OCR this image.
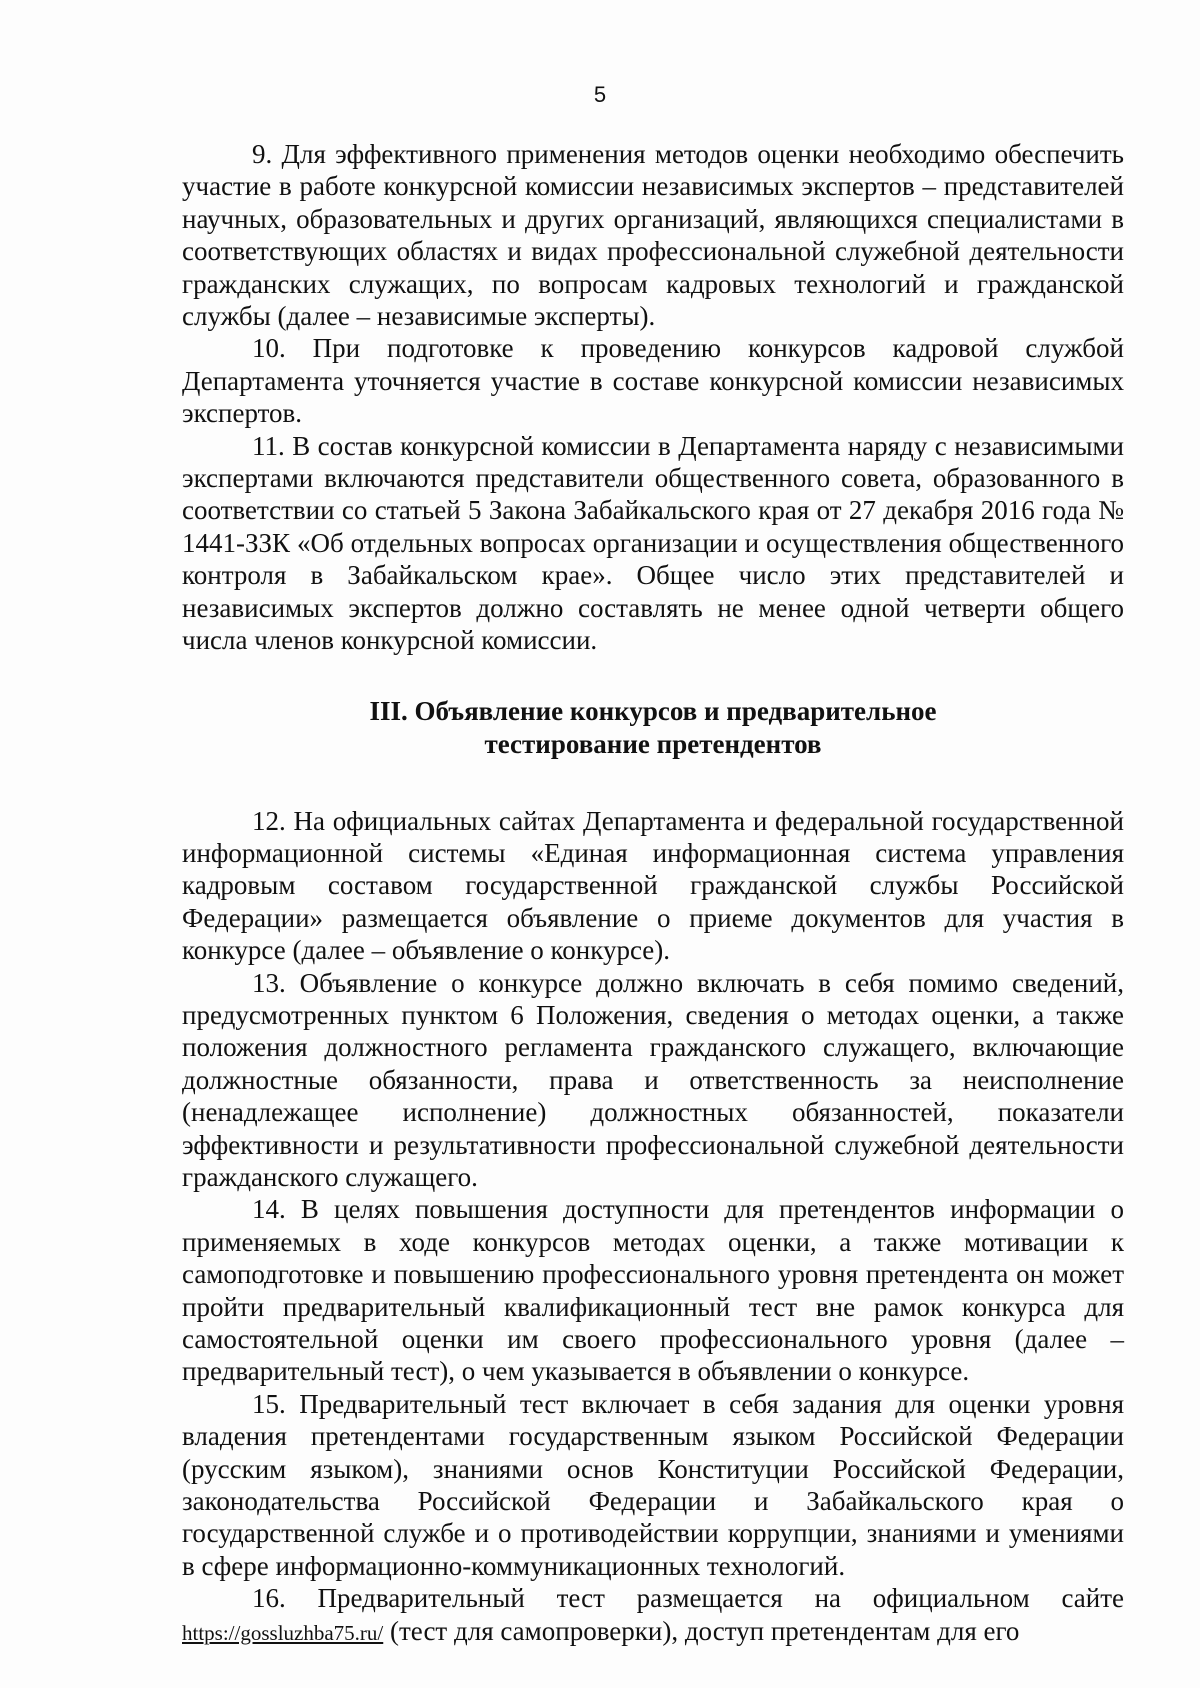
5

9. Для эффективного применения методов оценки необходимо обеспечить участие в работе конкурсной комиссии независимых экспертов – представителей научных, образовательных и других организаций, являющихся специалистами в соответствующих областях и видах профессиональной служебной деятельности гражданских служащих, по вопросам кадровых технологий и гражданской службы (далее – независимые эксперты).

10. При подготовке к проведению конкурсов кадровой службой Департамента уточняется участие в составе конкурсной комиссии независимых экспертов.

11. В состав конкурсной комиссии в Департамента наряду с независимыми экспертами включаются представители общественного совета, образованного в соответствии со статьей 5 Закона Забайкальского края от 27 декабря 2016 года № 1441-ЗЗК «Об отдельных вопросах организации и осуществления общественного контроля в Забайкальском крае». Общее число этих представителей и независимых экспертов должно составлять не менее одной четверти общего числа членов конкурсной комиссии.

III. Объявление конкурсов и предварительное
тестирование претендентов

12. На официальных сайтах Департамента и федеральной государственной информационной системы «Единая информационная система управления кадровым составом государственной гражданской службы Российской Федерации» размещается объявление о приеме документов для участия в конкурсе (далее – объявление о конкурсе).

13. Объявление о конкурсе должно включать в себя помимо сведений, предусмотренных пунктом 6 Положения, сведения о методах оценки, а также положения должностного регламента гражданского служащего, включающие должностные обязанности, права и ответственность за неисполнение (ненадлежащее исполнение) должностных обязанностей, показатели эффективности и результативности профессиональной служебной деятельности гражданского служащего.

14. В целях повышения доступности для претендентов информации о применяемых в ходе конкурсов методах оценки, а также мотивации к самоподготовке и повышению профессионального уровня претендента он может пройти предварительный квалификационный тест вне рамок конкурса для самостоятельной оценки им своего профессионального уровня (далее – предварительный тест), о чем указывается в объявлении о конкурсе.

15. Предварительный тест включает в себя задания для оценки уровня владения претендентами государственным языком Российской Федерации (русским языком), знаниями основ Конституции Российской Федерации, законодательства Российской Федерации и Забайкальского края о государственной службе и о противодействии коррупции, знаниями и умениями в сфере информационно-коммуникационных технологий.

16. Предварительный тест размещается на официальном сайте https://gossluzhba75.ru/ (тест для самопроверки), доступ претендентам для его
